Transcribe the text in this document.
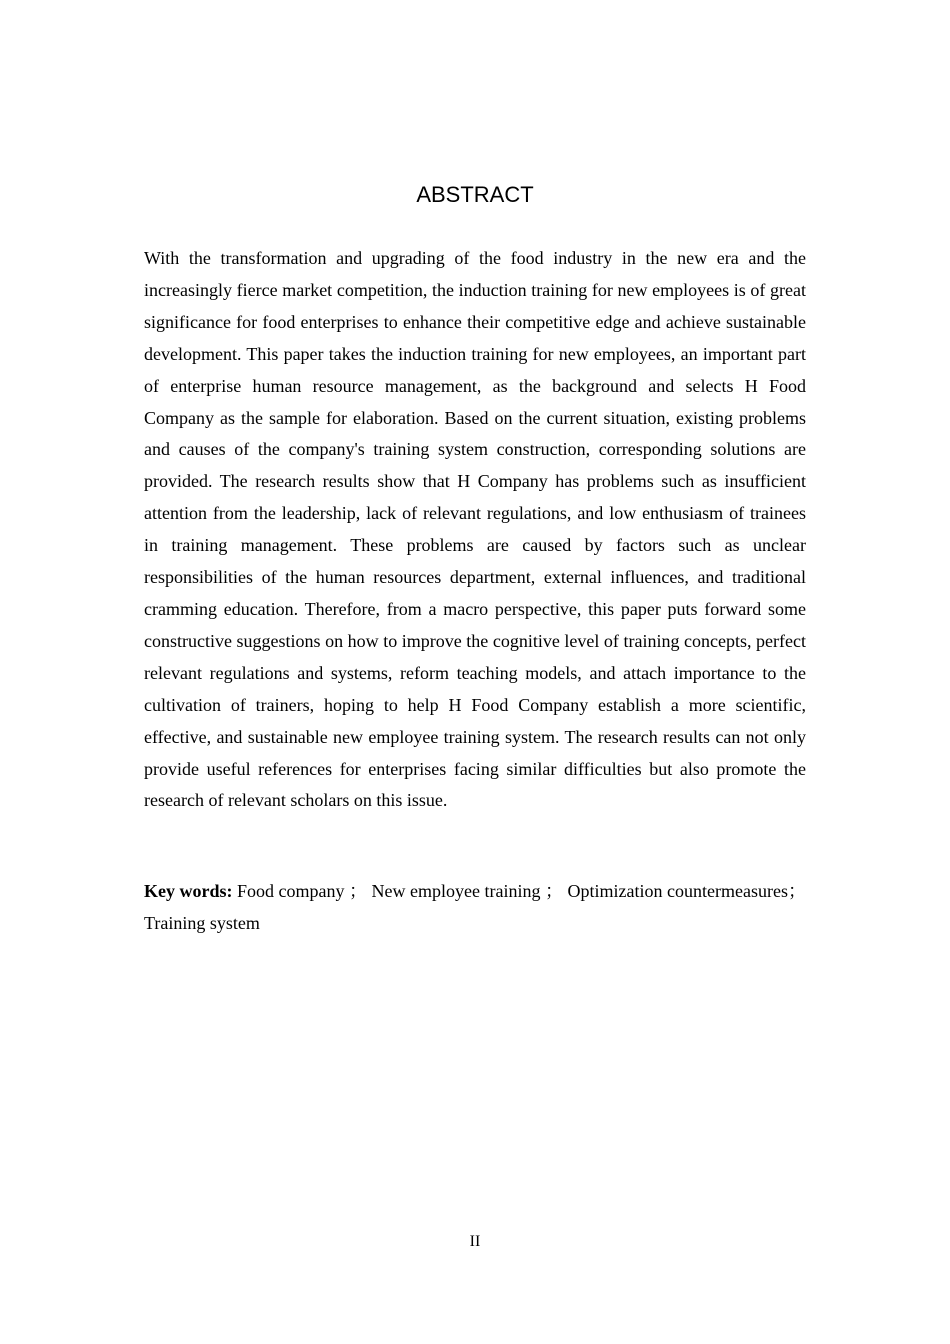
ABSTRACT

With the transformation and upgrading of the food industry in the new era and the increasingly fierce market competition, the induction training for new employees is of great significance for food enterprises to enhance their competitive edge and achieve sustainable development. This paper takes the induction training for new employees, an important part of enterprise human resource management, as the background and selects H Food Company as the sample for elaboration. Based on the current situation, existing problems and causes of the company's training system construction, corresponding solutions are provided. The research results show that H Company has problems such as insufficient attention from the leadership, lack of relevant regulations, and low enthusiasm of trainees in training management. These problems are caused by factors such as unclear responsibilities of the human resources department, external influences, and traditional cramming education. Therefore, from a macro perspective, this paper puts forward some constructive suggestions on how to improve the cognitive level of training concepts, perfect relevant regulations and systems, reform teaching models, and attach importance to the cultivation of trainers, hoping to help H Food Company establish a more scientific, effective, and sustainable new employee training system. The research results can not only provide useful references for enterprises facing similar difficulties but also promote the research of relevant scholars on this issue.

Key words: Food company ； New employee training ； Optimization countermeasures；Training system

II
